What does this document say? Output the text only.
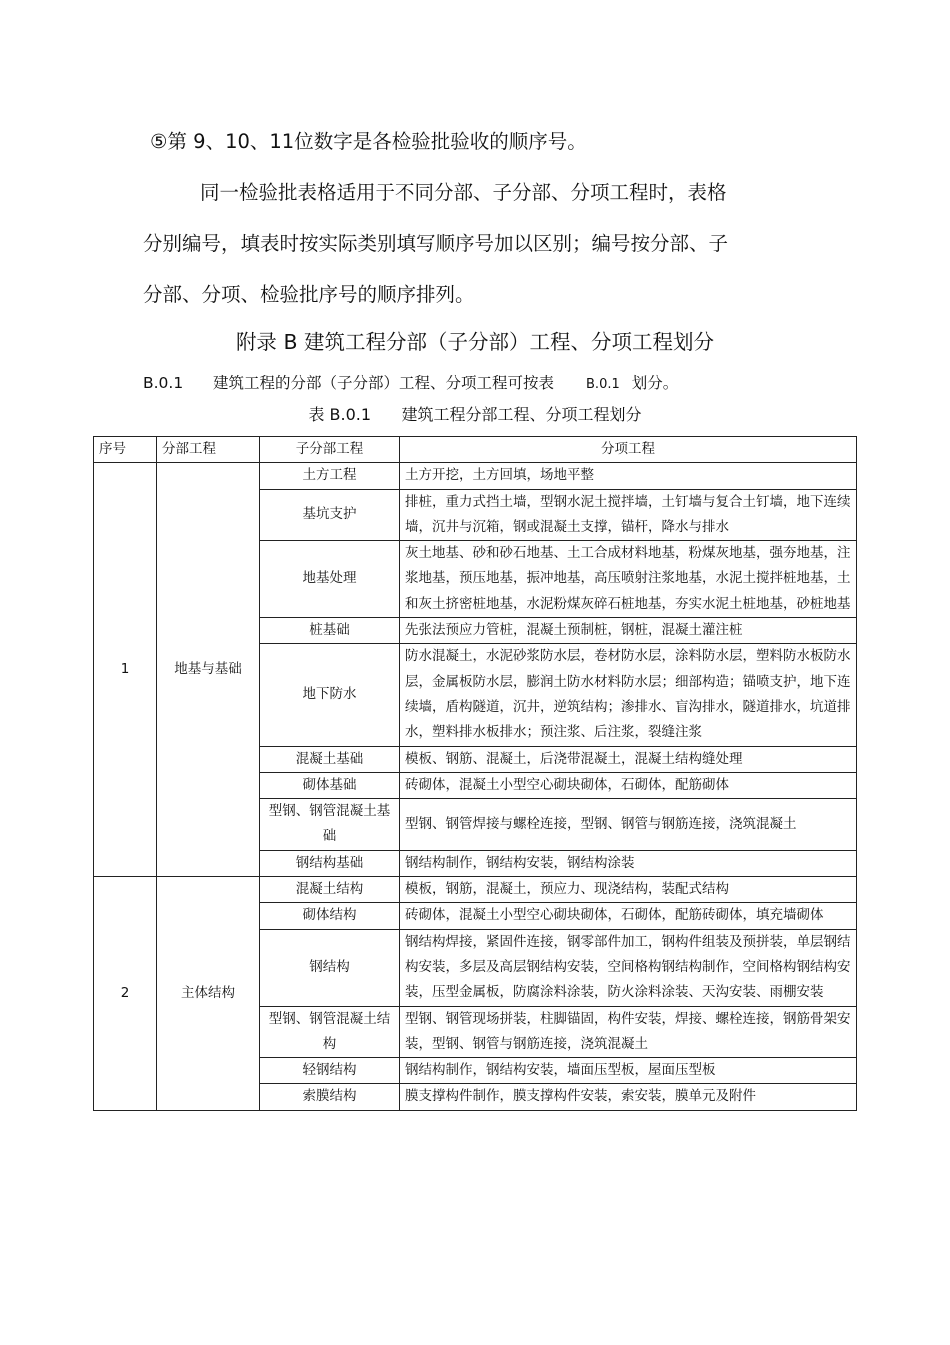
⑤第 9、10、11位数字是各检验批验收的顺序号。

同一检验批表格适用于不同分部、子分部、分项工程时，表格

分别编号，填表时按实际类别填写顺序号加以区别；编号按分部、子

分部、分项、检验批序号的顺序排列。

附录 B 建筑工程分部（子分部）工程、分项工程划分
B.0.1 建筑工程的分部（子分部）工程、分项工程可按表 B.0.1 划分。
表 B.0.1      建筑工程分部工程、分项工程划分
序号	分部工程	子分部工程	分项工程
1	地基与基础	土方工程	土方开挖，土方回填，场地平整
		基坑支护	排桩，重力式挡土墙，型钢水泥土搅拌墙，土钉墙与复合土钉墙，地下连续墙，沉井与沉箱，钢或混凝土支撑，锚杆，降水与排水
		地基处理	灰土地基、砂和砂石地基、土工合成材料地基，粉煤灰地基，强夯地基，注浆地基，预压地基，振冲地基，高压喷射注浆地基，水泥土搅拌桩地基，土和灰土挤密桩地基，水泥粉煤灰碎石桩地基，夯实水泥土桩地基，砂桩地基
		桩基础	先张法预应力管桩，混凝土预制桩，钢桩，混凝土灌注桩
		地下防水	防水混凝土，水泥砂浆防水层，卷材防水层，涂料防水层，塑料防水板防水层，金属板防水层，膨润土防水材料防水层；细部构造；锚喷支护，地下连续墙，盾构隧道，沉井，逆筑结构；渗排水、盲沟排水，隧道排水，坑道排水，塑料排水板排水；预注浆、后注浆，裂缝注浆
		混凝土基础	模板、钢筋、混凝土，后浇带混凝土，混凝土结构缝处理
		砌体基础	砖砌体，混凝土小型空心砌块砌体，石砌体，配筋砌体
		型钢、钢管混凝土基础	型钢、钢管焊接与螺栓连接，型钢、钢管与钢筋连接，浇筑混凝土
		钢结构基础	钢结构制作，钢结构安装，钢结构涂装
2	主体结构	混凝土结构	模板，钢筋，混凝土，预应力、现浇结构，装配式结构
		砌体结构	砖砌体，混凝土小型空心砌块砌体，石砌体，配筋砖砌体，填充墙砌体
		钢结构	钢结构焊接，紧固件连接，钢零部件加工，钢构件组装及预拼装，单层钢结构安装，多层及高层钢结构安装，空间格构钢结构制作，空间格构钢结构安装，压型金属板，防腐涂料涂装，防火涂料涂装、天沟安装、雨棚安装
		型钢、钢管混凝土结构	型钢、钢管现场拼装，柱脚锚固，构件安装，焊接、螺栓连接，钢筋骨架安装，型钢、钢管与钢筋连接，浇筑混凝土
		轻钢结构	钢结构制作，钢结构安装，墙面压型板，屋面压型板
		索膜结构	膜支撑构件制作，膜支撑构件安装，索安装，膜单元及附件
